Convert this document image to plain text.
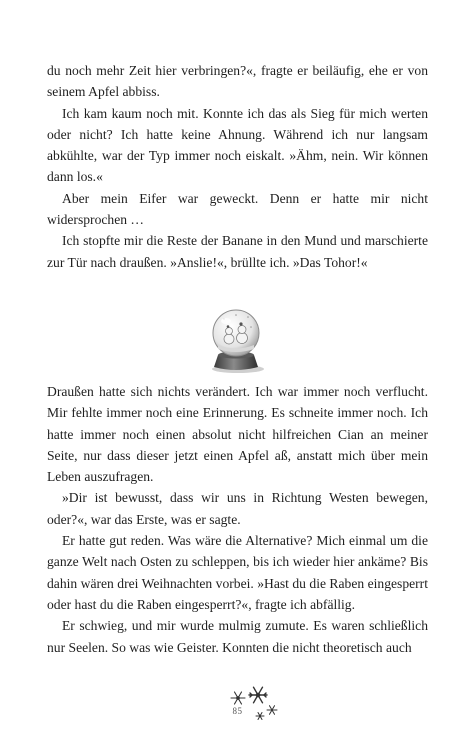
du noch mehr Zeit hier verbringen?«, fragte er beiläufig, ehe er von seinem Apfel abbiss.

Ich kam kaum noch mit. Konnte ich das als Sieg für mich werten oder nicht? Ich hatte keine Ahnung. Während ich nur langsam abkühlte, war der Typ immer noch eiskalt. »Ähm, nein. Wir können dann los.«

Aber mein Eifer war geweckt. Denn er hatte mir nicht widersprochen …

Ich stopfte mir die Reste der Banane in den Mund und marschierte zur Tür nach draußen. »Anslie!«, brüllte ich. »Das Tohor!«

Draußen hatte sich nichts verändert. Ich war immer noch verflucht. Mir fehlte immer noch eine Erinnerung. Es schneite immer noch. Ich hatte immer noch einen absolut nicht hilfreichen Cian an meiner Seite, nur dass dieser jetzt einen Apfel aß, anstatt mich über mein Leben auszufragen.

»Dir ist bewusst, dass wir uns in Richtung Westen bewegen, oder?«, war das Erste, was er sagte.

Er hatte gut reden. Was wäre die Alternative? Mich einmal um die ganze Welt nach Osten zu schleppen, bis ich wieder hier ankäme? Bis dahin wären drei Weihnachten vorbei. »Hast du die Raben eingesperrt oder hast du die Raben eingesperrt?«, fragte ich abfällig.

Er schwieg, und mir wurde mulmig zumute. Es waren schließlich nur Seelen. So was wie Geister. Konnten die nicht theoretisch auch

85
